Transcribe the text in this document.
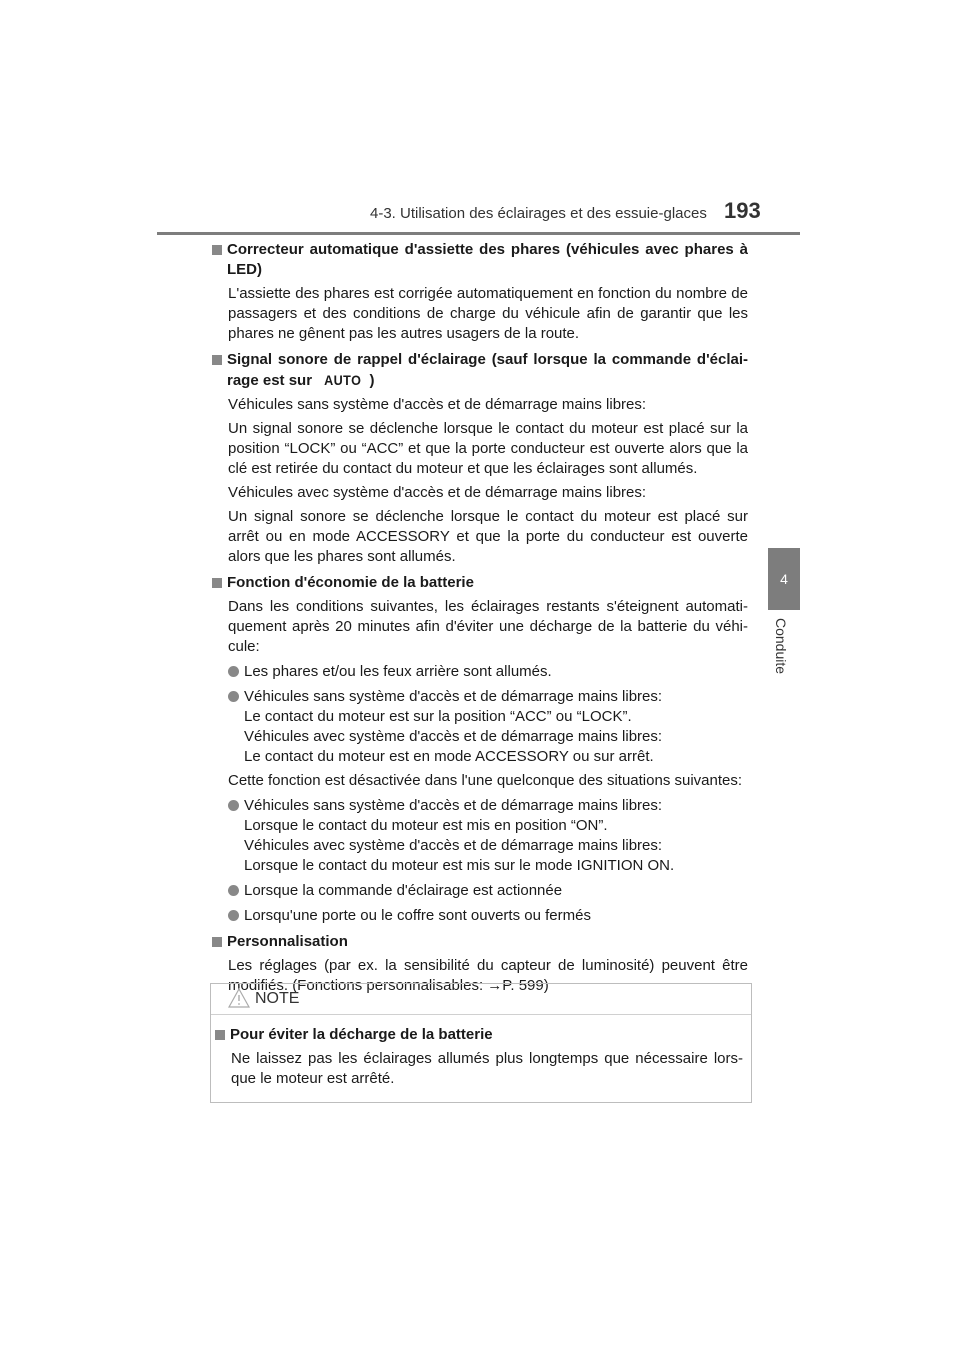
4-3. Utilisation des éclairages et des essuie-glaces 193
4
Conduite
Correcteur automatique d'assiette des phares (véhicules avec phares à LED)
L'assiette des phares est corrigée automatiquement en fonction du nombre de passagers et des conditions de charge du véhicule afin de garantir que les phares ne gênent pas les autres usagers de la route.
Signal sonore de rappel d'éclairage (sauf lorsque la commande d'éclai- rage est sur AUTO )
Véhicules sans système d'accès et de démarrage mains libres:
Un signal sonore se déclenche lorsque le contact du moteur est placé sur la position “LOCK” ou “ACC” et que la porte conducteur est ouverte alors que la clé est retirée du contact du moteur et que les éclairages sont allumés.
Véhicules avec système d'accès et de démarrage mains libres:
Un signal sonore se déclenche lorsque le contact du moteur est placé sur arrêt ou en mode ACCESSORY et que la porte du conducteur est ouverte alors que les phares sont allumés.
Fonction d'économie de la batterie
Dans les conditions suivantes, les éclairages restants s'éteignent automati- quement après 20 minutes afin d'éviter une décharge de la batterie du véhi- cule:
Les phares et/ou les feux arrière sont allumés.
Véhicules sans système d'accès et de démarrage mains libres:
Le contact du moteur est sur la position “ACC” ou “LOCK”.
Véhicules avec système d'accès et de démarrage mains libres:
Le contact du moteur est en mode ACCESSORY ou sur arrêt.
Cette fonction est désactivée dans l'une quelconque des situations suivantes:
Véhicules sans système d'accès et de démarrage mains libres:
Lorsque le contact du moteur est mis en position “ON”.
Véhicules avec système d'accès et de démarrage mains libres:
Lorsque le contact du moteur est mis sur le mode IGNITION ON.
Lorsque la commande d'éclairage est actionnée
Lorsqu'une porte ou le coffre sont ouverts ou fermés
Personnalisation
Les réglages (par ex. la sensibilité du capteur de luminosité) peuvent être modifiés. (Fonctions personnalisables: →P. 599)
NOTE
Pour éviter la décharge de la batterie
Ne laissez pas les éclairages allumés plus longtemps que nécessaire lors- que le moteur est arrêté.
